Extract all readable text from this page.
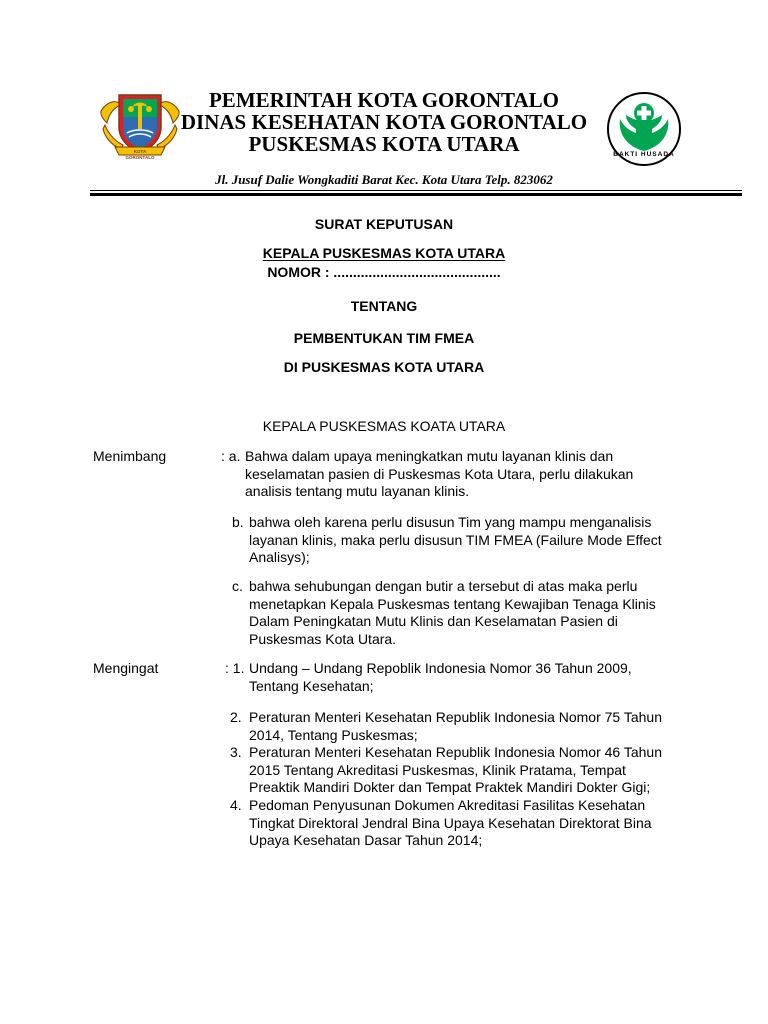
KOTA GORONTALO	BAKTI HUSADA
PEMERINTAH KOTA GORONTALO
DINAS KESEHATAN KOTA GORONTALO
PUSKESMAS KOTA UTARA
Jl. Jusuf Dalie Wongkaditi Barat Kec. Kota Utara Telp. 823062
SURAT KEPUTUSAN
KEPALA PUSKESMAS KOTA UTARA
NOMOR : ...........................................
TENTANG
PEMBENTUKAN TIM FMEA
DI PUSKESMAS KOTA UTARA
KEPALA PUSKESMAS KOATA UTARA
Menimbang	: a. Bahwa dalam upaya meningkatkan mutu layanan klinis dan keselamatan pasien di Puskesmas Kota Utara, perlu dilakukan analisis tentang mutu layanan klinis.
b. bahwa oleh karena perlu disusun Tim yang mampu menganalisis layanan klinis, maka perlu disusun TIM FMEA (Failure Mode Effect Analisys);
c. bahwa sehubungan dengan butir a tersebut di atas maka perlu menetapkan Kepala Puskesmas tentang Kewajiban Tenaga Klinis Dalam Peningkatan Mutu Klinis dan Keselamatan Pasien di Puskesmas Kota Utara.
Mengingat	: 1. Undang – Undang Repoblik Indonesia Nomor 36 Tahun 2009, Tentang Kesehatan;
2. Peraturan Menteri Kesehatan Republik Indonesia Nomor 75 Tahun 2014, Tentang Puskesmas;
3. Peraturan Menteri Kesehatan Republik Indonesia Nomor 46 Tahun 2015 Tentang Akreditasi Puskesmas, Klinik Pratama, Tempat Preaktik Mandiri Dokter dan Tempat Praktek Mandiri Dokter Gigi;
4. Pedoman Penyusunan Dokumen Akreditasi Fasilitas Kesehatan Tingkat Direktoral Jendral Bina Upaya Kesehatan Direktorat Bina Upaya Kesehatan Dasar Tahun 2014;
